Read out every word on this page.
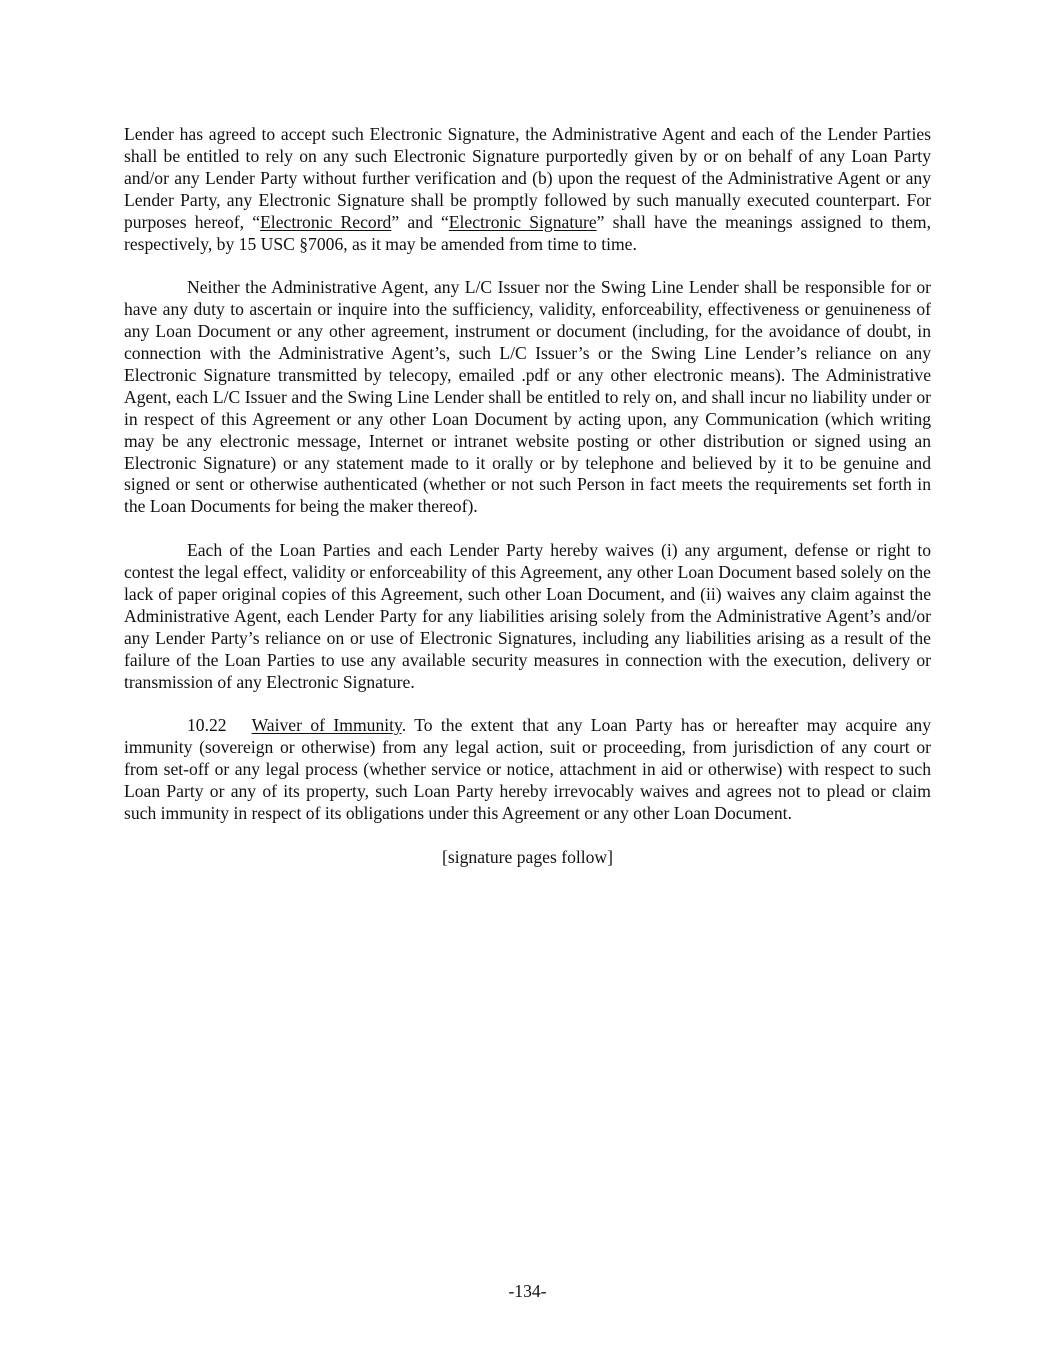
Lender has agreed to accept such Electronic Signature, the Administrative Agent and each of the Lender Parties shall be entitled to rely on any such Electronic Signature purportedly given by or on behalf of any Loan Party and/or any Lender Party without further verification and (b) upon the request of the Administrative Agent or any Lender Party, any Electronic Signature shall be promptly followed by such manually executed counterpart. For purposes hereof, “Electronic Record” and “Electronic Signature” shall have the meanings assigned to them, respectively, by 15 USC §7006, as it may be amended from time to time.

Neither the Administrative Agent, any L/C Issuer nor the Swing Line Lender shall be responsible for or have any duty to ascertain or inquire into the sufficiency, validity, enforceability, effectiveness or genuineness of any Loan Document or any other agreement, instrument or document (including, for the avoidance of doubt, in connection with the Administrative Agent’s, such L/C Issuer’s or the Swing Line Lender’s reliance on any Electronic Signature transmitted by telecopy, emailed .pdf or any other electronic means). The Administrative Agent, each L/C Issuer and the Swing Line Lender shall be entitled to rely on, and shall incur no liability under or in respect of this Agreement or any other Loan Document by acting upon, any Communication (which writing may be any electronic message, Internet or intranet website posting or other distribution or signed using an Electronic Signature) or any statement made to it orally or by telephone and believed by it to be genuine and signed or sent or otherwise authenticated (whether or not such Person in fact meets the requirements set forth in the Loan Documents for being the maker thereof).

Each of the Loan Parties and each Lender Party hereby waives (i) any argument, defense or right to contest the legal effect, validity or enforceability of this Agreement, any other Loan Document based solely on the lack of paper original copies of this Agreement, such other Loan Document, and (ii) waives any claim against the Administrative Agent, each Lender Party for any liabilities arising solely from the Administrative Agent’s and/or any Lender Party’s reliance on or use of Electronic Signatures, including any liabilities arising as a result of the failure of the Loan Parties to use any available security measures in connection with the execution, delivery or transmission of any Electronic Signature.

10.22 Waiver of Immunity. To the extent that any Loan Party has or hereafter may acquire any immunity (sovereign or otherwise) from any legal action, suit or proceeding, from jurisdiction of any court or from set-off or any legal process (whether service or notice, attachment in aid or otherwise) with respect to such Loan Party or any of its property, such Loan Party hereby irrevocably waives and agrees not to plead or claim such immunity in respect of its obligations under this Agreement or any other Loan Document.

[signature pages follow]

-134-
